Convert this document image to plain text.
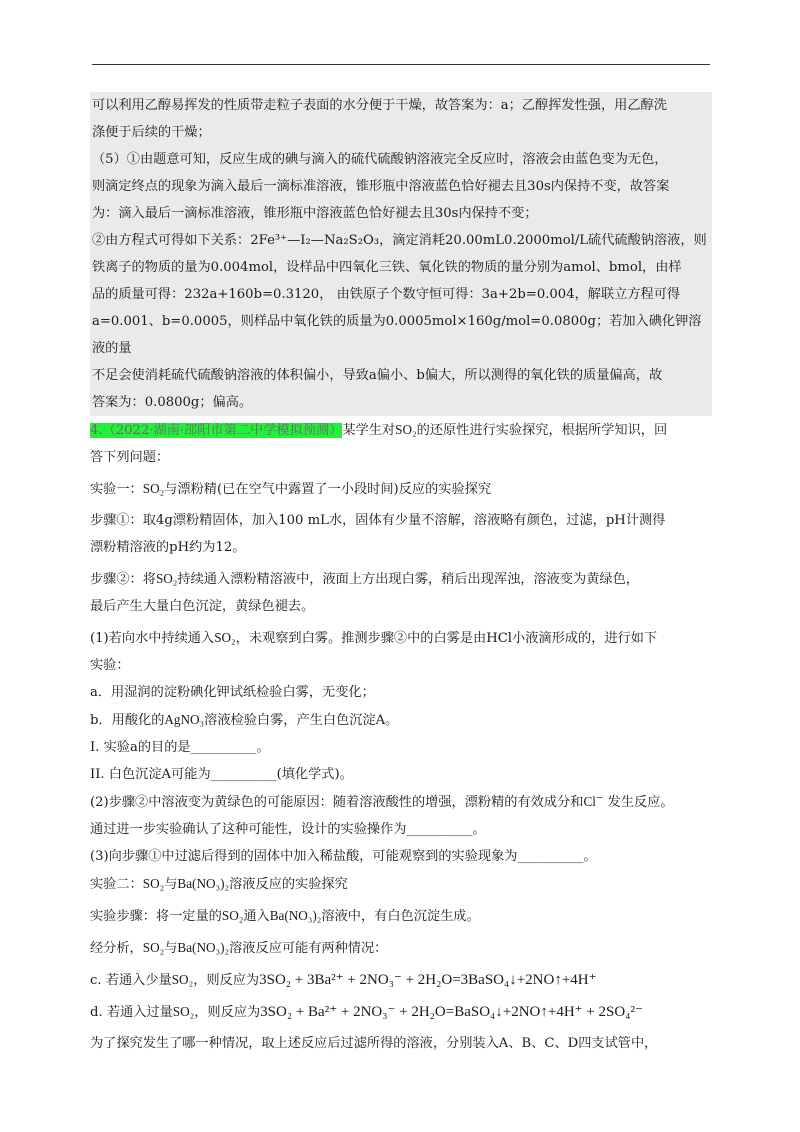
可以利用乙醇易挥发的性质带走粒子表面的水分便于干燥，故答案为：a；乙醇挥发性强，用乙醇洗

涤便于后续的干燥；

（5）①由题意可知，反应生成的碘与滴入的硫代硫酸钠溶液完全反应时，溶液会由蓝色变为无色，

则滴定终点的现象为滴入最后一滴标准溶液，锥形瓶中溶液蓝色恰好褪去且30s内保持不变，故答案

为：滴入最后一滴标准溶液，锥形瓶中溶液蓝色恰好褪去且30s内保持不变；

②由方程式可得如下关系：2Fe³⁺—I₂—Na₂S₂O₃，滴定消耗20.00mL0.2000mol/L硫代硫酸钠溶液，则

铁离子的物质的量为0.004mol，设样品中四氧化三铁、氧化铁的物质的量分别为amol、bmol，由样

品的质量可得：232a+160b=0.3120， 由铁原子个数守恒可得：3a+2b=0.004，解联立方程可得

a=0.001、b=0.0005，则样品中氧化铁的质量为0.0005mol×160g/mol=0.0800g；若加入碘化钾溶液的量

不足会使消耗硫代硫酸钠溶液的体积偏小，导致a偏小、b偏大，所以测得的氧化铁的质量偏高，故

答案为：0.0800g；偏高。

4.（2022·湖南·邵阳市第二中学模拟预测）某学生对SO₂的还原性进行实验探究，根据所学知识，回

答下列问题：

实验一：SO₂与漂粉精(已在空气中露置了一小段时间)反应的实验探究

步骤①：取4g漂粉精固体，加入100 mL水，固体有少量不溶解，溶液略有颜色，过滤，pH计测得

漂粉精溶液的pH约为12。

步骤②：将SO₂持续通入漂粉精溶液中，液面上方出现白雾，稍后出现浑浊，溶液变为黄绿色，

最后产生大量白色沉淀，黄绿色褪去。

(1)若向水中持续通入SO₂，未观察到白雾。推测步骤②中的白雾是由HCl小液滴形成的，进行如下

实验：

a．用湿润的淀粉碘化钾试纸检验白雾，无变化；

b．用酸化的AgNO₃溶液检验白雾，产生白色沉淀A。

I. 实验a的目的是__________。

II. 白色沉淀A可能为__________(填化学式)。

(2)步骤②中溶液变为黄绿色的可能原因：随着溶液酸性的增强，漂粉精的有效成分和Cl− 发生反应。

通过进一步实验确认了这种可能性，设计的实验操作为__________。

(3)向步骤①中过滤后得到的固体中加入稀盐酸，可能观察到的实验现象为__________。

实验二：SO₂与Ba(NO₃)₂溶液反应的实验探究

实验步骤：将一定量的SO₂通入Ba(NO₃)₂溶液中，有白色沉淀生成。

经分析，SO₂与Ba(NO₃)₂溶液反应可能有两种情况：

c. 若通入少量SO₂，则反应为3SO₂ + 3Ba²⁺ + 2NO₃⁻ + 2H₂O=3BaSO₄↓+2NO↑+4H⁺

d. 若通入过量SO₂，则反应为3SO₂ + Ba²⁺ + 2NO₃⁻ + 2H₂O=BaSO₄↓+2NO↑+4H⁺ + 2SO₄²⁻

为了探究发生了哪一种情况，取上述反应后过滤所得的溶液，分别装入A、B、C、D四支试管中，
